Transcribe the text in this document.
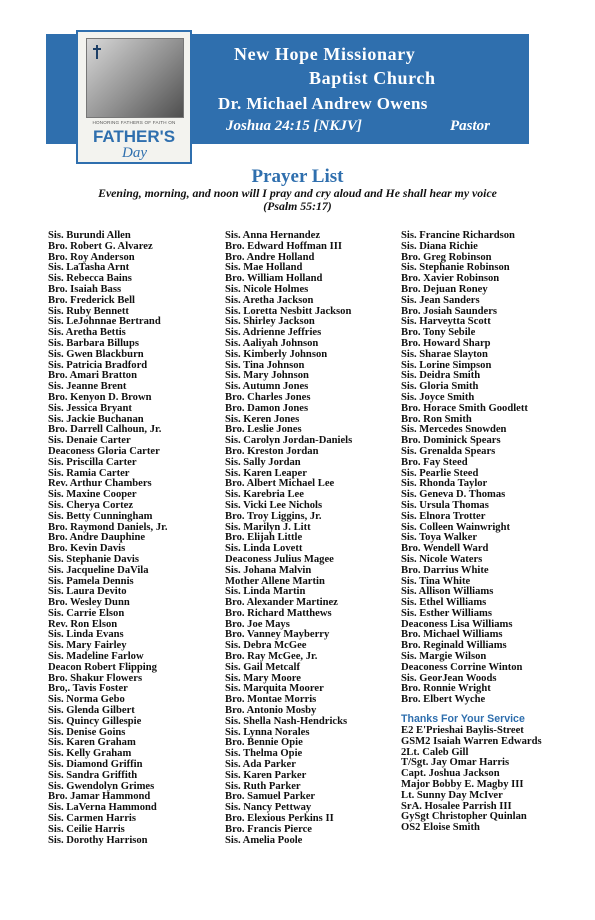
New Hope Missionary
Baptist Church
Dr. Michael Andrew Owens
Joshua 24:15 [NKJV]	Pastor
HONORING FATHERS OF FAITH ON
FATHER'S
Day
Prayer List
Evening, morning, and noon will I pray and cry aloud and He shall hear my voice
(Psalm 55:17)
Sis. Burundi Allen
Bro. Robert G. Alvarez
Bro. Roy Anderson
Sis. LaTasha Arnt
Sis. Rebecca Bains
Bro. Isaiah Bass
Bro. Frederick Bell
Sis. Ruby Bennett
Sis. LeJohnnae Bertrand
Sis. Aretha Bettis
Sis. Barbara Billups
Sis. Gwen Blackburn
Sis. Patricia Bradford
Bro. Amari Bratton
Sis. Jeanne Brent
Bro. Kenyon D. Brown
Sis. Jessica Bryant
Sis. Jackie Buchanan
Bro. Darrell Calhoun, Jr.
Sis. Denaie Carter
Deaconess Gloria Carter
Sis. Priscilla Carter
Sis. Ramia Carter
Rev. Arthur Chambers
Sis. Maxine Cooper
Sis. Cherya Cortez
Sis. Betty Cunningham
Bro. Raymond Daniels, Jr.
Bro. Andre Dauphine
Bro. Kevin Davis
Sis. Stephanie Davis
Sis. Jacqueline DaVila
Sis. Pamela Dennis
Sis. Laura Devito
Bro. Wesley Dunn
Sis. Carrie Elson
Rev. Ron Elson
Sis. Linda Evans
Sis. Mary Fairley
Sis. Madeline Farlow
Deacon Robert Flipping
Bro. Shakur Flowers
Bro,. Tavis Foster
Sis. Norma Gebo
Sis. Glenda Gilbert
Sis. Quincy Gillespie
Sis. Denise Goins
Sis. Karen Graham
Sis. Kelly Graham
Sis. Diamond Griffin
Sis. Sandra Griffith
Sis. Gwendolyn Grimes
Bro. Jamar Hammond
Sis. LaVerna Hammond
Sis. Carmen Harris
Sis. Ceilie Harris
Sis. Dorothy Harrison
Sis. Anna Hernandez
Bro. Edward Hoffman III
Bro. Andre Holland
Sis. Mae Holland
Bro. William Holland
Sis. Nicole Holmes
Sis. Aretha Jackson
Sis. Loretta Nesbitt Jackson
Sis. Shirley Jackson
Sis. Adrienne Jeffries
Sis. Aaliyah Johnson
Sis. Kimberly Johnson
Sis. Tina Johnson
Sis. Mary Johnson
Sis. Autumn Jones
Bro. Charles Jones
Bro. Damon Jones
Sis. Keren Jones
Bro. Leslie Jones
Sis. Carolyn Jordan-Daniels
Bro. Kreston Jordan
Sis. Sally Jordan
Sis. Karen Leaper
Bro. Albert Michael Lee
Sis. Karebria Lee
Sis. Vicki Lee Nichols
Bro. Troy Liggins, Jr.
Sis. Marilyn J. Litt
Bro. Elijah Little
Sis. Linda Lovett
Deaconess Julius Magee
Sis. Johana Malvin
Mother Allene Martin
Sis. Linda Martin
Bro. Alexander Martinez
Bro. Richard Matthews
Bro. Joe Mays
Bro. Vanney Mayberry
Sis. Debra McGee
Bro. Ray McGee, Jr.
Sis. Gail Metcalf
Sis. Mary Moore
Sis. Marquita Moorer
Bro. Montae Morris
Bro. Antonio Mosby
Sis. Shella Nash-Hendricks
Sis. Lynna Norales
Bro. Bennie Opie
Sis. Thelma Opie
Sis. Ada Parker
Sis. Karen Parker
Sis. Ruth Parker
Bro. Samuel Parker
Sis. Nancy Pettway
Bro. Elexious Perkins II
Bro. Francis Pierce
Sis. Amelia Poole
Sis. Francine Richardson
Sis. Diana Richie
Bro. Greg Robinson
Sis. Stephanie Robinson
Bro. Xavier Robinson
Bro. Dejuan Roney
Sis. Jean Sanders
Bro. Josiah Saunders
Sis. Harveytta Scott
Bro. Tony Sebile
Bro. Howard Sharp
Sis. Sharae Slayton
Sis. Lorine Simpson
Sis. Deidra Smith
Sis. Gloria Smith
Sis. Joyce Smith
Bro. Horace Smith Goodlett
Bro. Ron Smith
Sis. Mercedes Snowden
Bro. Dominick Spears
Sis. Grenalda Spears
Bro. Fay Steed
Sis. Pearlie Steed
Sis. Rhonda Taylor
Sis. Geneva D. Thomas
Sis. Ursula Thomas
Sis. Elnora Trotter
Sis. Colleen Wainwright
Sis. Toya Walker
Bro. Wendell Ward
Sis. Nicole Waters
Bro. Darrius White
Sis. Tina White
Sis. Allison Williams
Sis. Ethel Williams
Sis. Esther Williams
Deaconess Lisa Williams
Bro. Michael Williams
Bro. Reginald Williams
Sis. Margie Wilson
Deaconess Corrine Winton
Sis. GeorJean Woods
Bro. Ronnie Wright
Bro. Elbert Wyche
Thanks For Your Service
E2 E'Prieshai Baylis-Street
GSM2 Isaiah Warren Edwards
2Lt. Caleb Gill
T/Sgt. Jay Omar Harris
Capt. Joshua Jackson
Major Bobby E. Magby III
Lt. Sunny Day McIver
SrA. Hosalee Parrish III
GySgt Christopher Quinlan
OS2 Eloise Smith
